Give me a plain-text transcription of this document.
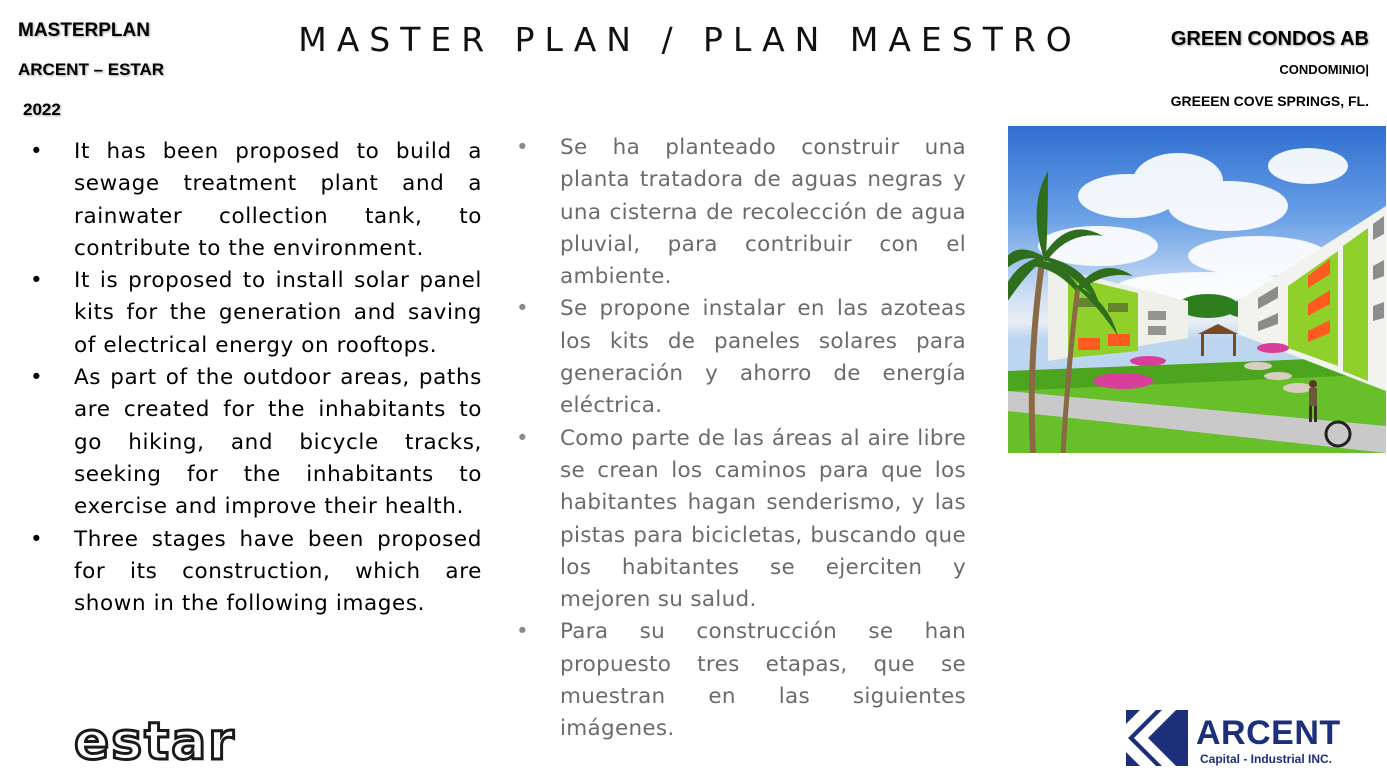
MASTERPLAN
ARCENT – ESTAR
2022
MASTER PLAN / PLAN MAESTRO	GREEN CONDOS AB
CONDOMINIO|
GREEEN COVE SPRINGS, FL.
• It has been proposed to build a sewage treatment plant and a rainwater collection tank, to contribute to the environment.
• It is proposed to install solar panel kits for the generation and saving of electrical energy on rooftops.
• As part of the outdoor areas, paths are created for the inhabitants to go hiking, and bicycle tracks, seeking for the inhabitants to exercise and improve their health.
• Three stages have been proposed for its construction, which are shown in the following images.
• Se ha planteado construir una planta tratadora de aguas negras y una cisterna de recolección de agua pluvial, para contribuir con el ambiente.
• Se propone instalar en las azoteas los kits de paneles solares para generación y ahorro de energía eléctrica.
• Como parte de las áreas al aire libre se crean los caminos para que los habitantes hagan senderismo, y las pistas para bicicletas, buscando que los habitantes se ejerciten y mejoren su salud.
• Para su construcción se han propuesto tres etapas, que se muestran en las siguientes imágenes.
estar	ARCENT
Capital - Industrial INC.
